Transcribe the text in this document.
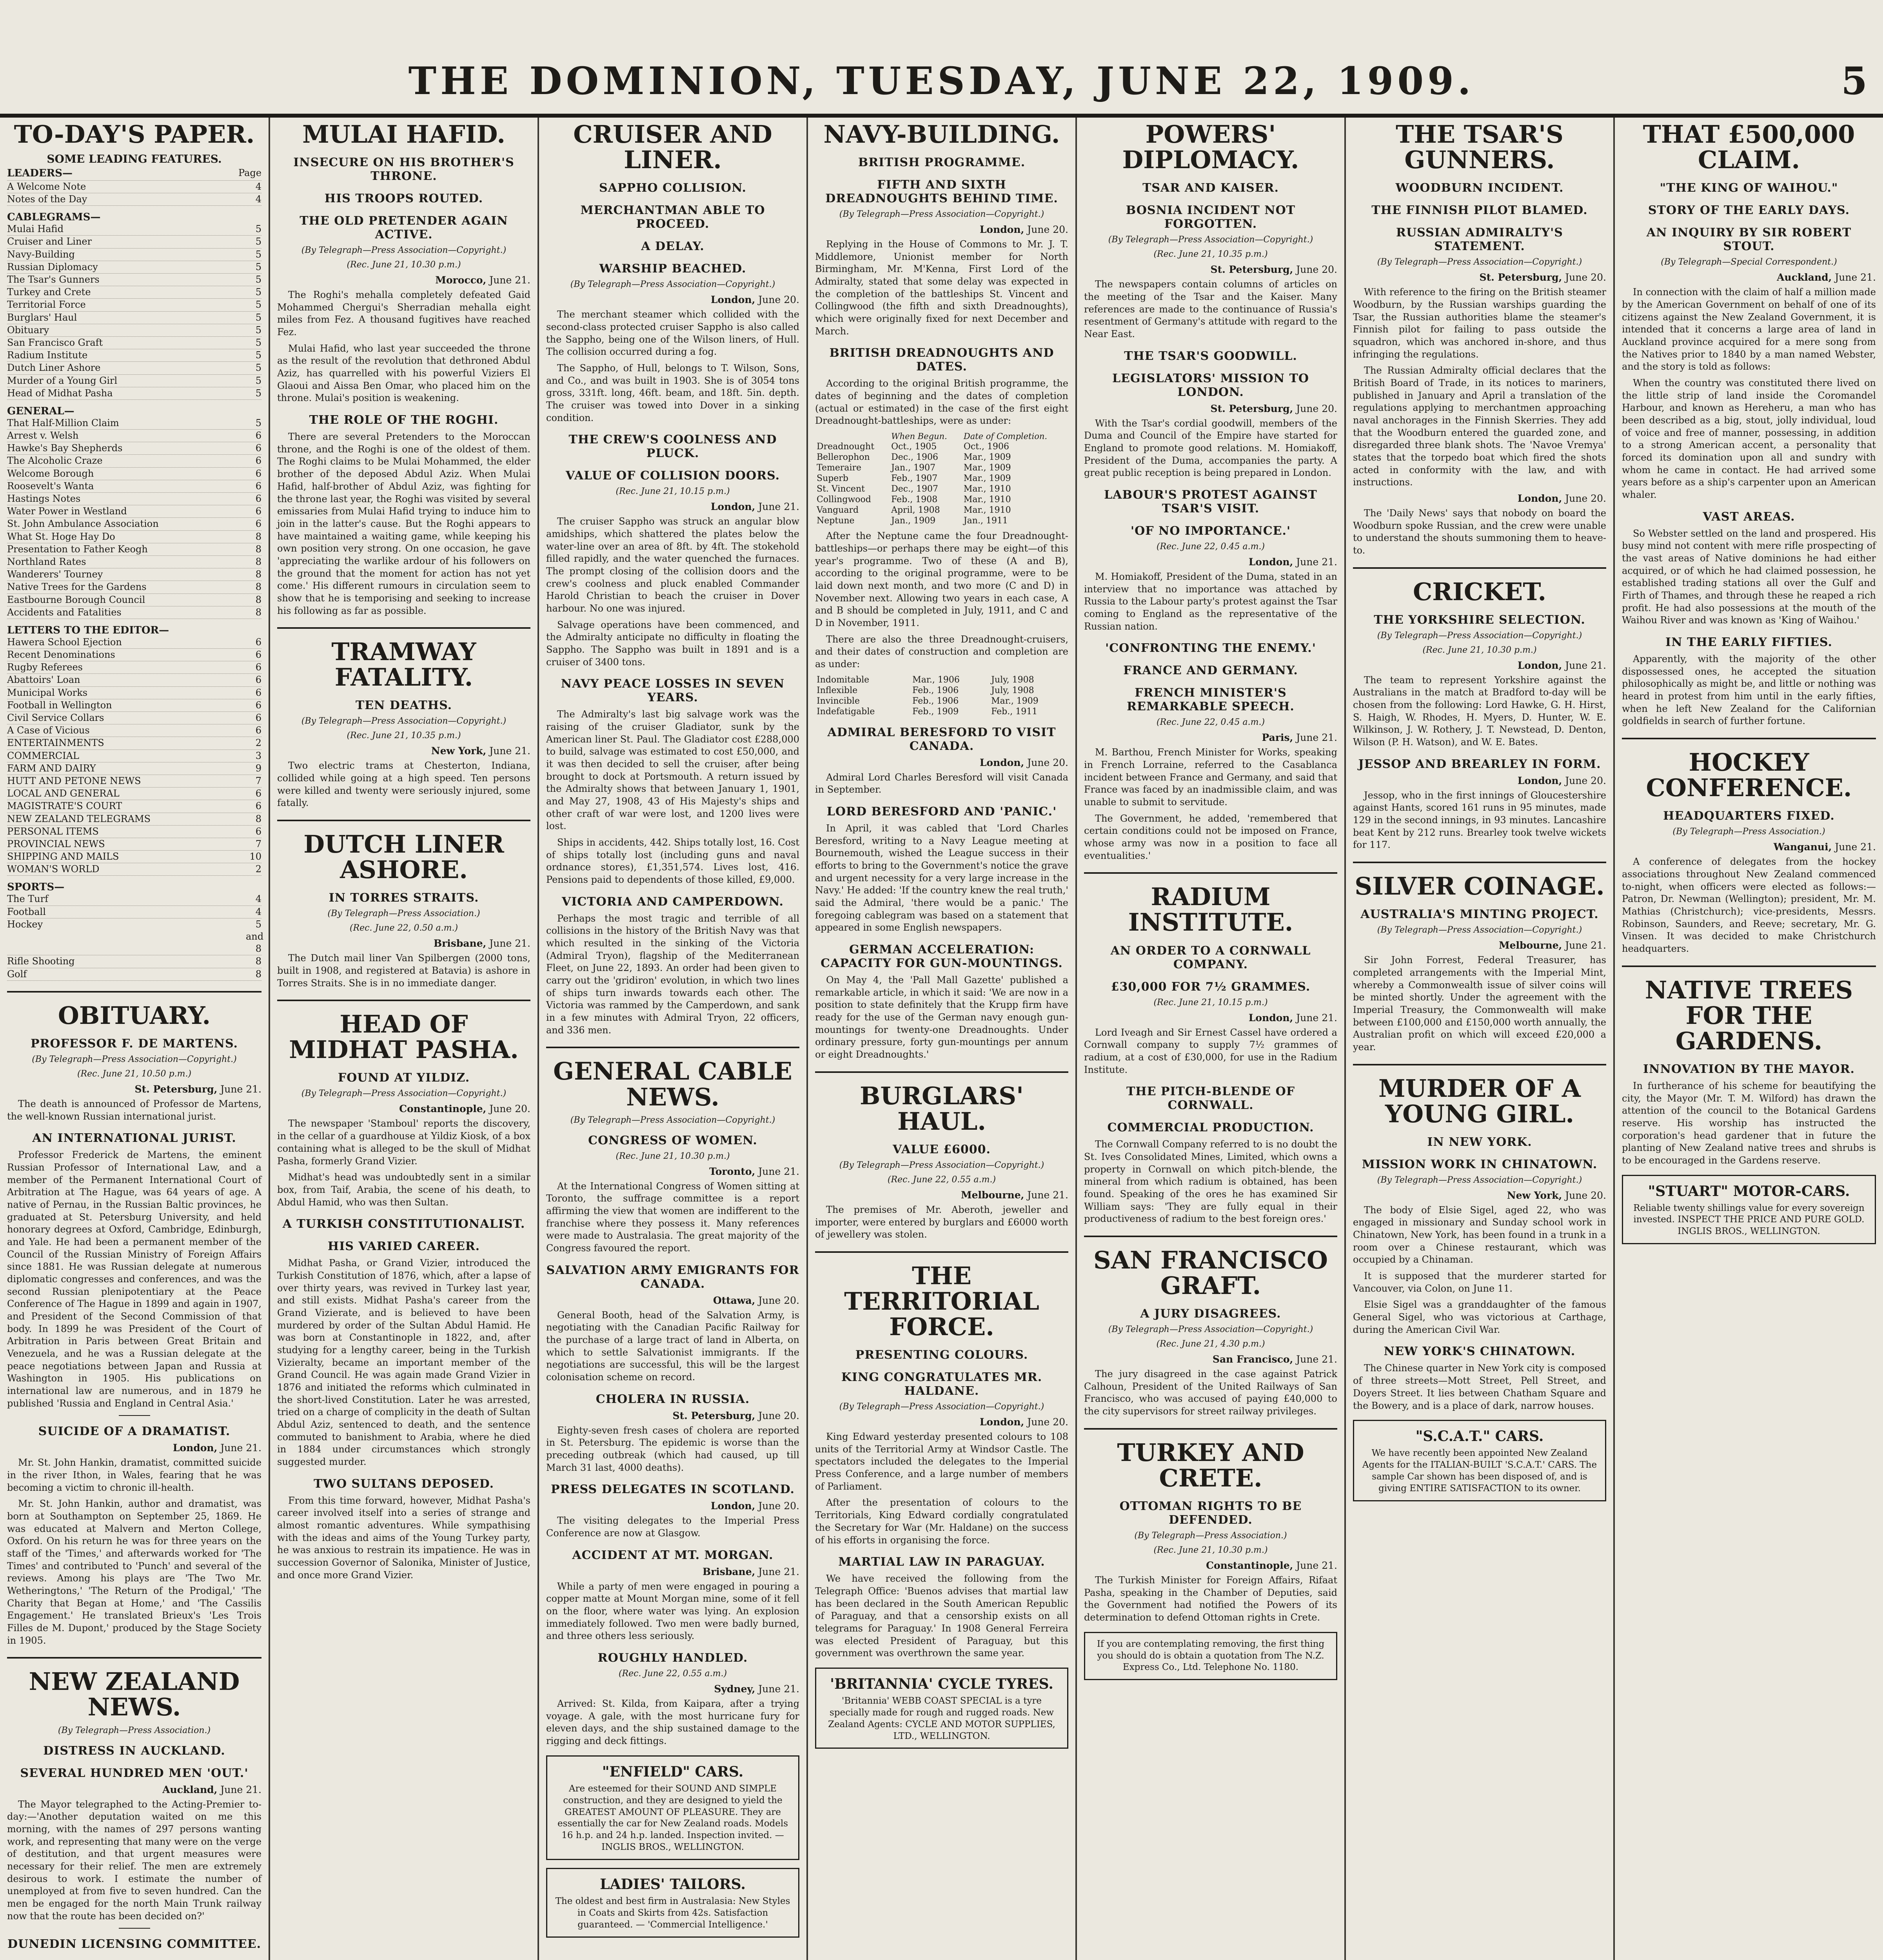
THE DOMINION, TUESDAY, JUNE 22, 1909.	5
TO-DAY'S PAPER.
SOME LEADING FEATURES.
LEADERS—	Page
A Welcome Note	4
Notes of the Day	4
CABLEGRAMS—
Mulai Hafid	5
Cruiser and Liner	5
Navy-Building	5
Russian Diplomacy	5
The Tsar's Gunners	5
Turkey and Crete	5
Territorial Force	5
Burglars' Haul	5
Obituary	5
San Francisco Graft	5
Radium Institute	5
Dutch Liner Ashore	5
Murder of a Young Girl	5
Head of Midhat Pasha	5
GENERAL—
That Half-Million Claim	5
Arrest v. Welsh	6
Hawke's Bay Shepherds	6
The Alcoholic Craze	6
Welcome Borough	6
Roosevelt's Wanta	6
Hastings Notes	6
Water Power in Westland	6
St. John Ambulance Association	6
What St. Hoge Hay Do	8
Presentation to Father Keogh	8
Northland Rates	8
Wanderers' Tourney	8
Native Trees for the Gardens	8
Eastbourne Borough Council	8
Accidents and Fatalities	8
LETTERS TO THE EDITOR—
Hawera School Ejection	6
Recent Denominations	6
Rugby Referees	6
Abattoirs' Loan	6
Municipal Works	6
Football in Wellington	6
Civil Service Collars	6
A Case of Vicious	6
ENTERTAINMENTS	2
COMMERCIAL	3
FARM AND DAIRY	9
HUTT AND PETONE NEWS	7
LOCAL AND GENERAL	6
MAGISTRATE'S COURT	6
NEW ZEALAND TELEGRAMS	8
PERSONAL ITEMS	6
PROVINCIAL NEWS	7
SHIPPING AND MAILS	10
WOMAN'S WORLD	2
SPORTS—
The Turf	4
Football	4
Hockey	5 and 8
Rifle Shooting	8
Golf	8
OBITUARY.
PROFESSOR F. DE MARTENS.
(By Telegraph—Press Association—Copyright.)
(Rec. June 21, 10.50 p.m.)
St. Petersburg, June 21.

The death is announced of Professor de Martens, the well-known Russian international jurist.

AN INTERNATIONAL JURIST.

Professor Frederick de Martens, the eminent Russian Professor of International Law, and a member of the Permanent International Court of Arbitration at The Hague, was 64 years of age. A native of Pernau, in the Russian Baltic provinces, he graduated at St. Petersburg University, and held honorary degrees at Oxford, Cambridge, Edinburgh, and Yale. He had been a permanent member of the Council of the Russian Ministry of Foreign Affairs since 1881. He was Russian delegate at numerous diplomatic congresses and conferences, and was the second Russian plenipotentiary at the Peace Conference of The Hague in 1899 and again in 1907, and President of the Second Commission of that body. In 1899 he was President of the Court of Arbitration in Paris between Great Britain and Venezuela, and he was a Russian delegate at the peace negotiations between Japan and Russia at Washington in 1905. His publications on international law are numerous, and in 1879 he published 'Russia and England in Central Asia.'

SUICIDE OF A DRAMATIST.
London, June 21.

Mr. St. John Hankin, dramatist, committed suicide in the river Ithon, in Wales, fearing that he was becoming a victim to chronic ill-health.

Mr. St. John Hankin, author and dramatist, was born at Southampton on September 25, 1869. He was educated at Malvern and Merton College, Oxford. On his return he was for three years on the staff of the 'Times,' and afterwards worked for 'The Times' and contributed to 'Punch' and several of the reviews. Among his plays are 'The Two Mr. Wetheringtons,' 'The Return of the Prodigal,' 'The Charity that Began at Home,' and 'The Cassilis Engagement.' He translated Brieux's 'Les Trois Filles de M. Dupont,' produced by the Stage Society in 1905.

NEW ZEALAND NEWS.
(By Telegraph—Press Association.)
DISTRESS IN AUCKLAND.
SEVERAL HUNDRED MEN 'OUT.'
Auckland, June 21.

The Mayor telegraphed to the Acting-Premier to-day:—'Another deputation waited on me this morning, with the names of 297 persons wanting work, and representing that many were on the verge of destitution, and that urgent measures were necessary for their relief. The men are extremely desirous to work. I estimate the number of unemployed at from five to seven hundred. Can the men be engaged for the north Main Trunk railway now that the route has been decided on?'

DUNEDIN LICENSING COMMITTEE.

MULAI HAFID.
INSECURE ON HIS BROTHER'S THRONE.
HIS TROOPS ROUTED.
THE OLD PRETENDER AGAIN ACTIVE.
(By Telegraph—Press Association—Copyright.)
(Rec. June 21, 10.30 p.m.)
Morocco, June 21.

The Roghi's mehalla completely defeated Gaid Mohammed Chergui's Sherradian mehalla eight miles from Fez. A thousand fugitives have reached Fez.

Mulai Hafid, who last year succeeded the throne as the result of the revolution that dethroned Abdul Aziz, has quarrelled with his powerful Viziers El Glaoui and Aissa Ben Omar, who placed him on the throne. Mulai's position is weakening.

THE ROLE OF THE ROGHI.

There are several Pretenders to the Moroccan throne, and the Roghi is one of the oldest of them. The Roghi claims to be Mulai Mohammed, the elder brother of the deposed Abdul Aziz. When Mulai Hafid, half-brother of Abdul Aziz, was fighting for the throne last year, the Roghi was visited by several emissaries from Mulai Hafid trying to induce him to join in the latter's cause. But the Roghi appears to have maintained a waiting game, while keeping his own position very strong. On one occasion, he gave 'appreciating the warlike ardour of his followers on the ground that the moment for action has not yet come.' His different rumours in circulation seem to show that he is temporising and seeking to increase his following as far as possible.

TRAMWAY FATALITY.
TEN DEATHS.
(By Telegraph—Press Association—Copyright.)
(Rec. June 21, 10.35 p.m.)
New York, June 21.

Two electric trams at Chesterton, Indiana, collided while going at a high speed. Ten persons were killed and twenty were seriously injured, some fatally.

DUTCH LINER ASHORE.
IN TORRES STRAITS.
(By Telegraph—Press Association.)
(Rec. June 22, 0.50 a.m.)
Brisbane, June 21.

The Dutch mail liner Van Spilbergen (2000 tons, built in 1908, and registered at Batavia) is ashore in Torres Straits. She is in no immediate danger.

HEAD OF MIDHAT PASHA.
FOUND AT YILDIZ.
(By Telegraph—Press Association—Copyright.)
Constantinople, June 20.

The newspaper 'Stamboul' reports the discovery, in the cellar of a guardhouse at Yildiz Kiosk, of a box containing what is alleged to be the skull of Midhat Pasha, formerly Grand Vizier.

Midhat's head was undoubtedly sent in a similar box, from Taif, Arabia, the scene of his death, to Abdul Hamid, who was then Sultan.

A TURKISH CONSTITUTIONALIST.
HIS VARIED CAREER.

Midhat Pasha, or Grand Vizier, introduced the Turkish Constitution of 1876, which, after a lapse of over thirty years, was revived in Turkey last year, and still exists. Midhat Pasha's career from the Grand Vizierate, and is believed to have been murdered by order of the Sultan Abdul Hamid. He was born at Constantinople in 1822, and, after studying for a lengthy career, being in the Turkish Vizieralty, became an important member of the Grand Council. He was again made Grand Vizier in 1876 and initiated the reforms which culminated in the short-lived Constitution. Later he was arrested, tried on a charge of complicity in the death of Sultan Abdul Aziz, sentenced to death, and the sentence commuted to banishment to Arabia, where he died in 1884 under circumstances which strongly suggested murder.

TWO SULTANS DEPOSED.

From this time forward, however, Midhat Pasha's career involved itself into a series of strange and almost romantic adventures. While sympathising with the ideas and aims of the Young Turkey party, he was anxious to restrain its impatience. He was in succession Governor of Salonika, Minister of Justice, and once more Grand Vizier.

CRUISER AND LINER.
SAPPHO COLLISION.
MERCHANTMAN ABLE TO PROCEED.
A DELAY.
WARSHIP BEACHED.
(By Telegraph—Press Association—Copyright.)
London, June 20.

The merchant steamer which collided with the second-class protected cruiser Sappho is also called the Sappho, being one of the Wilson liners, of Hull. The collision occurred during a fog.

The Sappho, of Hull, belongs to T. Wilson, Sons, and Co., and was built in 1903. She is of 3054 tons gross, 331ft. long, 46ft. beam, and 18ft. 5in. depth. The cruiser was towed into Dover in a sinking condition.

THE CREW'S COOLNESS AND PLUCK.
VALUE OF COLLISION DOORS.
(Rec. June 21, 10.15 p.m.)
London, June 21.

The cruiser Sappho was struck an angular blow amidships, which shattered the plates below the water-line over an area of 8ft. by 4ft. The stokehold filled rapidly, and the water quenched the furnaces. The prompt closing of the collision doors and the crew's coolness and pluck enabled Commander Harold Christian to beach the cruiser in Dover harbour. No one was injured.

Salvage operations have been commenced, and the Admiralty anticipate no difficulty in floating the Sappho. The Sappho was built in 1891 and is a cruiser of 3400 tons.

NAVY PEACE LOSSES IN SEVEN YEARS.

The Admiralty's last big salvage work was the raising of the cruiser Gladiator, sunk by the American liner St. Paul. The Gladiator cost £288,000 to build, salvage was estimated to cost £50,000, and it was then decided to sell the cruiser, after being brought to dock at Portsmouth. A return issued by the Admiralty shows that between January 1, 1901, and May 27, 1908, 43 of His Majesty's ships and other craft of war were lost, and 1200 lives were lost.

Ships in accidents, 442. Ships totally lost, 16. Cost of ships totally lost (including guns and naval ordnance stores), £1,351,574. Lives lost, 416. Pensions paid to dependents of those killed, £9,000.

VICTORIA AND CAMPERDOWN.

Perhaps the most tragic and terrible of all collisions in the history of the British Navy was that which resulted in the sinking of the Victoria (Admiral Tryon), flagship of the Mediterranean Fleet, on June 22, 1893. An order had been given to carry out the 'gridiron' evolution, in which two lines of ships turn inwards towards each other. The Victoria was rammed by the Camperdown, and sank in a few minutes with Admiral Tryon, 22 officers, and 336 men.

GENERAL CABLE NEWS.
(By Telegraph—Press Association—Copyright.)
CONGRESS OF WOMEN.
(Rec. June 21, 10.30 p.m.)
Toronto, June 21.

At the International Congress of Women sitting at Toronto, the suffrage committee is a report affirming the view that women are indifferent to the franchise where they possess it. Many references were made to Australasia. The great majority of the Congress favoured the report.

SALVATION ARMY EMIGRANTS FOR CANADA.
Ottawa, June 20.

General Booth, head of the Salvation Army, is negotiating with the Canadian Pacific Railway for the purchase of a large tract of land in Alberta, on which to settle Salvationist immigrants. If the negotiations are successful, this will be the largest colonisation scheme on record.

CHOLERA IN RUSSIA.
St. Petersburg, June 20.

Eighty-seven fresh cases of cholera are reported in St. Petersburg. The epidemic is worse than the preceding outbreak (which had caused, up till March 31 last, 4000 deaths).

PRESS DELEGATES IN SCOTLAND.
London, June 20.

The visiting delegates to the Imperial Press Conference are now at Glasgow.

ACCIDENT AT MT. MORGAN.
Brisbane, June 21.

While a party of men were engaged in pouring a copper matte at Mount Morgan mine, some of it fell on the floor, where water was lying. An explosion immediately followed. Two men were badly burned, and three others less seriously.

ROUGHLY HANDLED.
(Rec. June 22, 0.55 a.m.)
Sydney, June 21.

Arrived: St. Kilda, from Kaipara, after a trying voyage. A gale, with the most hurricane fury for eleven days, and the ship sustained damage to the rigging and deck fittings.

"ENFIELD" CARS.
Are esteemed for their SOUND AND SIMPLE construction, and they are designed to yield the GREATEST AMOUNT OF PLEASURE. They are essentially the car for New Zealand roads. Models 16 h.p. and 24 h.p. landed. Inspection invited. — INGLIS BROS., WELLINGTON.
LADIES' TAILORS.
The oldest and best firm in Australasia: New Styles in Coats and Skirts from 42s. Satisfaction guaranteed. — 'Commercial Intelligence.'
NAVY-BUILDING.
BRITISH PROGRAMME.
FIFTH AND SIXTH DREADNOUGHTS BEHIND TIME.
(By Telegraph—Press Association—Copyright.)
London, June 20.

Replying in the House of Commons to Mr. J. T. Middlemore, Unionist member for North Birmingham, Mr. M'Kenna, First Lord of the Admiralty, stated that some delay was expected in the completion of the battleships St. Vincent and Collingwood (the fifth and sixth Dreadnoughts), which were originally fixed for next December and March.

BRITISH DREADNOUGHTS AND DATES.

According to the original British programme, the dates of beginning and the dates of completion (actual or estimated) in the case of the first eight Dreadnought-battleships, were as under:

	When Begun.	Date of Completion.
Dreadnought	Oct., 1905	Oct., 1906
Bellerophon	Dec., 1906	Mar., 1909
Temeraire	Jan., 1907	Mar., 1909
Superb	Feb., 1907	Mar., 1909
St. Vincent	Dec., 1907	Mar., 1910
Collingwood	Feb., 1908	Mar., 1910
Vanguard	April, 1908	Mar., 1910
Neptune	Jan., 1909	Jan., 1911

After the Neptune came the four Dreadnought-battleships—or perhaps there may be eight—of this year's programme. Two of these (A and B), according to the original programme, were to be laid down next month, and two more (C and D) in November next. Allowing two years in each case, A and B should be completed in July, 1911, and C and D in November, 1911.

There are also the three Dreadnought-cruisers, and their dates of construction and completion are as under:

Indomitable	Mar., 1906	July, 1908
Inflexible	Feb., 1906	July, 1908
Invincible	Feb., 1906	Mar., 1909
Indefatigable	Feb., 1909	Feb., 1911
ADMIRAL BERESFORD TO VISIT CANADA.
London, June 20.

Admiral Lord Charles Beresford will visit Canada in September.

LORD BERESFORD AND 'PANIC.'

In April, it was cabled that 'Lord Charles Beresford, writing to a Navy League meeting at Bournemouth, wished the League success in their efforts to bring to the Government's notice the grave and urgent necessity for a very large increase in the Navy.' He added: 'If the country knew the real truth,' said the Admiral, 'there would be a panic.' The foregoing cablegram was based on a statement that appeared in some English newspapers.

GERMAN ACCELERATION: CAPACITY FOR GUN-MOUNTINGS.

On May 4, the 'Pall Mall Gazette' published a remarkable article, in which it said: 'We are now in a position to state definitely that the Krupp firm have ready for the use of the German navy enough gun-mountings for twenty-one Dreadnoughts. Under ordinary pressure, forty gun-mountings per annum or eight Dreadnoughts.'

BURGLARS' HAUL.
VALUE £6000.
(By Telegraph—Press Association—Copyright.)
(Rec. June 22, 0.55 a.m.)
Melbourne, June 21.

The premises of Mr. Aberoth, jeweller and importer, were entered by burglars and £6000 worth of jewellery was stolen.

THE TERRITORIAL FORCE.
PRESENTING COLOURS.
KING CONGRATULATES MR. HALDANE.
(By Telegraph—Press Association—Copyright.)
London, June 20.

King Edward yesterday presented colours to 108 units of the Territorial Army at Windsor Castle. The spectators included the delegates to the Imperial Press Conference, and a large number of members of Parliament.

After the presentation of colours to the Territorials, King Edward cordially congratulated the Secretary for War (Mr. Haldane) on the success of his efforts in organising the force.

MARTIAL LAW IN PARAGUAY.

We have received the following from the Telegraph Office: 'Buenos advises that martial law has been declared in the South American Republic of Paraguay, and that a censorship exists on all telegrams for Paraguay.' In 1908 General Ferreira was elected President of Paraguay, but this government was overthrown the same year.

'BRITANNIA' CYCLE TYRES.
'Britannia' WEBB COAST SPECIAL is a tyre specially made for rough and rugged roads. New Zealand Agents: CYCLE AND MOTOR SUPPLIES, LTD., WELLINGTON.
POWERS' DIPLOMACY.
TSAR AND KAISER.
BOSNIA INCIDENT NOT FORGOTTEN.
(By Telegraph—Press Association—Copyright.)
(Rec. June 21, 10.35 p.m.)
St. Petersburg, June 20.

The newspapers contain columns of articles on the meeting of the Tsar and the Kaiser. Many references are made to the continuance of Russia's resentment of Germany's attitude with regard to the Near East.

THE TSAR'S GOODWILL.
LEGISLATORS' MISSION TO LONDON.
St. Petersburg, June 20.

With the Tsar's cordial goodwill, members of the Duma and Council of the Empire have started for England to promote good relations. M. Homiakoff, President of the Duma, accompanies the party. A great public reception is being prepared in London.

LABOUR'S PROTEST AGAINST TSAR'S VISIT.
'OF NO IMPORTANCE.'
(Rec. June 22, 0.45 a.m.)
London, June 21.

M. Homiakoff, President of the Duma, stated in an interview that no importance was attached by Russia to the Labour party's protest against the Tsar coming to England as the representative of the Russian nation.

'CONFRONTING THE ENEMY.'
FRANCE AND GERMANY.
FRENCH MINISTER'S REMARKABLE SPEECH.
(Rec. June 22, 0.45 a.m.)
Paris, June 21.

M. Barthou, French Minister for Works, speaking in French Lorraine, referred to the Casablanca incident between France and Germany, and said that France was faced by an inadmissible claim, and was unable to submit to servitude.

The Government, he added, 'remembered that certain conditions could not be imposed on France, whose army was now in a position to face all eventualities.'

RADIUM INSTITUTE.
AN ORDER TO A CORNWALL COMPANY.
£30,000 FOR 7½ GRAMMES.
(Rec. June 21, 10.15 p.m.)
London, June 21.

Lord Iveagh and Sir Ernest Cassel have ordered a Cornwall company to supply 7½ grammes of radium, at a cost of £30,000, for use in the Radium Institute.

THE PITCH-BLENDE OF CORNWALL.
COMMERCIAL PRODUCTION.

The Cornwall Company referred to is no doubt the St. Ives Consolidated Mines, Limited, which owns a property in Cornwall on which pitch-blende, the mineral from which radium is obtained, has been found. Speaking of the ores he has examined Sir William says: 'They are fully equal in their productiveness of radium to the best foreign ores.'

SAN FRANCISCO GRAFT.
A JURY DISAGREES.
(By Telegraph—Press Association—Copyright.)
(Rec. June 21, 4.30 p.m.)
San Francisco, June 21.

The jury disagreed in the case against Patrick Calhoun, President of the United Railways of San Francisco, who was accused of paying £40,000 to the city supervisors for street railway privileges.

TURKEY AND CRETE.
OTTOMAN RIGHTS TO BE DEFENDED.
(By Telegraph—Press Association.)
(Rec. June 21, 10.30 p.m.)
Constantinople, June 21.

The Turkish Minister for Foreign Affairs, Rifaat Pasha, speaking in the Chamber of Deputies, said the Government had notified the Powers of its determination to defend Ottoman rights in Crete.

If you are contemplating removing, the first thing you should do is obtain a quotation from The N.Z. Express Co., Ltd. Telephone No. 1180.
THE TSAR'S GUNNERS.
WOODBURN INCIDENT.
THE FINNISH PILOT BLAMED.
RUSSIAN ADMIRALTY'S STATEMENT.
(By Telegraph—Press Association—Copyright.)
St. Petersburg, June 20.

With reference to the firing on the British steamer Woodburn, by the Russian warships guarding the Tsar, the Russian authorities blame the steamer's Finnish pilot for failing to pass outside the squadron, which was anchored in-shore, and thus infringing the regulations.

The Russian Admiralty official declares that the British Board of Trade, in its notices to mariners, published in January and April a translation of the regulations applying to merchantmen approaching naval anchorages in the Finnish Skerries. They add that the Woodburn entered the guarded zone, and disregarded three blank shots. The 'Navoe Vremya' states that the torpedo boat which fired the shots acted in conformity with the law, and with instructions.

London, June 20.

The 'Daily News' says that nobody on board the Woodburn spoke Russian, and the crew were unable to understand the shouts summoning them to heave-to.

CRICKET.
THE YORKSHIRE SELECTION.
(By Telegraph—Press Association—Copyright.)
(Rec. June 21, 10.30 p.m.)
London, June 21.

The team to represent Yorkshire against the Australians in the match at Bradford to-day will be chosen from the following: Lord Hawke, G. H. Hirst, S. Haigh, W. Rhodes, H. Myers, D. Hunter, W. E. Wilkinson, J. W. Rothery, J. T. Newstead, D. Denton, Wilson (P. H. Watson), and W. E. Bates.

JESSOP AND BREARLEY IN FORM.
London, June 20.

Jessop, who in the first innings of Gloucestershire against Hants, scored 161 runs in 95 minutes, made 129 in the second innings, in 93 minutes. Lancashire beat Kent by 212 runs. Brearley took twelve wickets for 117.

SILVER COINAGE.
AUSTRALIA'S MINTING PROJECT.
(By Telegraph—Press Association—Copyright.)
Melbourne, June 21.

Sir John Forrest, Federal Treasurer, has completed arrangements with the Imperial Mint, whereby a Commonwealth issue of silver coins will be minted shortly. Under the agreement with the Imperial Treasury, the Commonwealth will make between £100,000 and £150,000 worth annually, the Australian profit on which will exceed £20,000 a year.

MURDER OF A YOUNG GIRL.
IN NEW YORK.
MISSION WORK IN CHINATOWN.
(By Telegraph—Press Association—Copyright.)
New York, June 20.

The body of Elsie Sigel, aged 22, who was engaged in missionary and Sunday school work in Chinatown, New York, has been found in a trunk in a room over a Chinese restaurant, which was occupied by a Chinaman.

It is supposed that the murderer started for Vancouver, via Colon, on June 11.

Elsie Sigel was a granddaughter of the famous General Sigel, who was victorious at Carthage, during the American Civil War.

NEW YORK'S CHINATOWN.

The Chinese quarter in New York city is composed of three streets—Mott Street, Pell Street, and Doyers Street. It lies between Chatham Square and the Bowery, and is a place of dark, narrow houses.

"S.C.A.T." CARS.
We have recently been appointed New Zealand Agents for the ITALIAN-BUILT 'S.C.A.T.' CARS. The sample Car shown has been disposed of, and is giving ENTIRE SATISFACTION to its owner.
THAT £500,000 CLAIM.
"THE KING OF WAIHOU."
STORY OF THE EARLY DAYS.
AN INQUIRY BY SIR ROBERT STOUT.
(By Telegraph—Special Correspondent.)
Auckland, June 21.

In connection with the claim of half a million made by the American Government on behalf of one of its citizens against the New Zealand Government, it is intended that it concerns a large area of land in Auckland province acquired for a mere song from the Natives prior to 1840 by a man named Webster, and the story is told as follows:

When the country was constituted there lived on the little strip of land inside the Coromandel Harbour, and known as Hereheru, a man who has been described as a big, stout, jolly individual, loud of voice and free of manner, possessing, in addition to a strong American accent, a personality that forced its domination upon all and sundry with whom he came in contact. He had arrived some years before as a ship's carpenter upon an American whaler.

VAST AREAS.

So Webster settled on the land and prospered. His busy mind not content with mere rifle prospecting of the vast areas of Native dominions he had either acquired, or of which he had claimed possession, he established trading stations all over the Gulf and Firth of Thames, and through these he reaped a rich profit. He had also possessions at the mouth of the Waihou River and was known as 'King of Waihou.'

IN THE EARLY FIFTIES.

Apparently, with the majority of the other dispossessed ones, he accepted the situation philosophically as might be, and little or nothing was heard in protest from him until in the early fifties, when he left New Zealand for the Californian goldfields in search of further fortune.

HOCKEY CONFERENCE.
HEADQUARTERS FIXED.
(By Telegraph—Press Association.)
Wanganui, June 21.

A conference of delegates from the hockey associations throughout New Zealand commenced to-night, when officers were elected as follows:—Patron, Dr. Newman (Wellington); president, Mr. M. Mathias (Christchurch); vice-presidents, Messrs. Robinson, Saunders, and Reeve; secretary, Mr. G. Vinsen. It was decided to make Christchurch headquarters.

NATIVE TREES FOR THE GARDENS.
INNOVATION BY THE MAYOR.

In furtherance of his scheme for beautifying the city, the Mayor (Mr. T. M. Wilford) has drawn the attention of the council to the Botanical Gardens reserve. His worship has instructed the corporation's head gardener that in future the planting of New Zealand native trees and shrubs is to be encouraged in the Gardens reserve.

"STUART" MOTOR-CARS.
Reliable twenty shillings value for every sovereign invested. INSPECT THE PRICE AND PURE GOLD. INGLIS BROS., WELLINGTON.
